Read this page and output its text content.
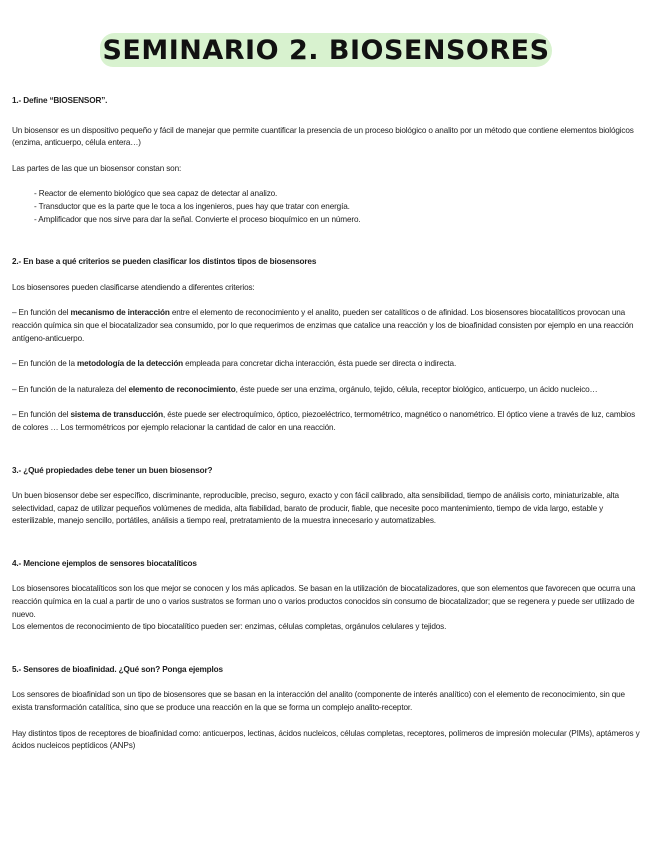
SEMINARIO 2. BIOSENSORES

1.- Define “BIOSENSOR”.

Un biosensor es un dispositivo pequeño y fácil de manejar que permite cuantificar la presencia de un proceso biológico o analito por un método que contiene elementos biológicos (enzima, anticuerpo, célula entera…)

Las partes de las que un biosensor constan son:

- Reactor de elemento biológico que sea capaz de detectar al analizo.
- Transductor que es la parte que le toca a los ingenieros, pues hay que tratar con energía.
- Amplificador que nos sirve para dar la señal. Convierte el proceso bioquímico en un número.

2.- En base a qué criterios se pueden clasificar los distintos tipos de biosensores

Los biosensores pueden clasificarse atendiendo a diferentes criterios:

– En función del mecanismo de interacción entre el elemento de reconocimiento y el analito, pueden ser catalíticos o de afinidad. Los biosensores biocatalíticos provocan una reacción química sin que el biocatalizador sea consumido, por lo que requerimos de enzimas que catalice una reacción y los de bioafinidad consisten por ejemplo en una reacción antígeno-anticuerpo.

– En función de la metodología de la detección empleada para concretar dicha interacción, ésta puede ser directa o indirecta.

– En función de la naturaleza del elemento de reconocimiento, éste puede ser una enzima, orgánulo, tejido, célula, receptor biológico, anticuerpo, un ácido nucleico…

– En función del sistema de transducción, éste puede ser electroquímico, óptico, piezoeléctrico, termométrico, magnético o nanométrico. El óptico viene a través de luz, cambios de colores … Los termométricos por ejemplo relacionar la cantidad de calor en una reacción.

3.- ¿Qué propiedades debe tener un buen biosensor?

Un buen biosensor debe ser específico, discriminante, reproducible, preciso, seguro, exacto y con fácil calibrado, alta sensibilidad, tiempo de análisis corto, miniaturizable, alta selectividad, capaz de utilizar pequeños volúmenes de medida, alta fiabilidad, barato de producir, fiable, que necesite poco mantenimiento, tiempo de vida largo, estable y esterilizable, manejo sencillo, portátiles, análisis a tiempo real, pretratamiento de la muestra innecesario y automatizables.

4.- Mencione ejemplos de sensores biocatalíticos

Los biosensores biocatalíticos son los que mejor se conocen y los más aplicados. Se basan en la utilización de biocatalizadores, que son elementos que favorecen que ocurra una reacción química en la cual a partir de uno o varios sustratos se forman uno o varios productos conocidos sin consumo de biocatalizador; que se regenera y puede ser utilizado de nuevo.

Los elementos de reconocimiento de tipo biocatalítico pueden ser: enzimas, células completas, orgánulos celulares y tejidos.

5.- Sensores de bioafinidad. ¿Qué son? Ponga ejemplos

Los sensores de bioafinidad son un tipo de biosensores que se basan en la interacción del analito (componente de interés analítico) con el elemento de reconocimiento, sin que exista transformación catalítica, sino que se produce una reacción en la que se forma un complejo analito-receptor.

Hay distintos tipos de receptores de bioafinidad como: anticuerpos, lectinas, ácidos nucleicos, células completas, receptores, polímeros de impresión molecular (PIMs), aptámeros y ácidos nucleicos peptídicos (ANPs)
